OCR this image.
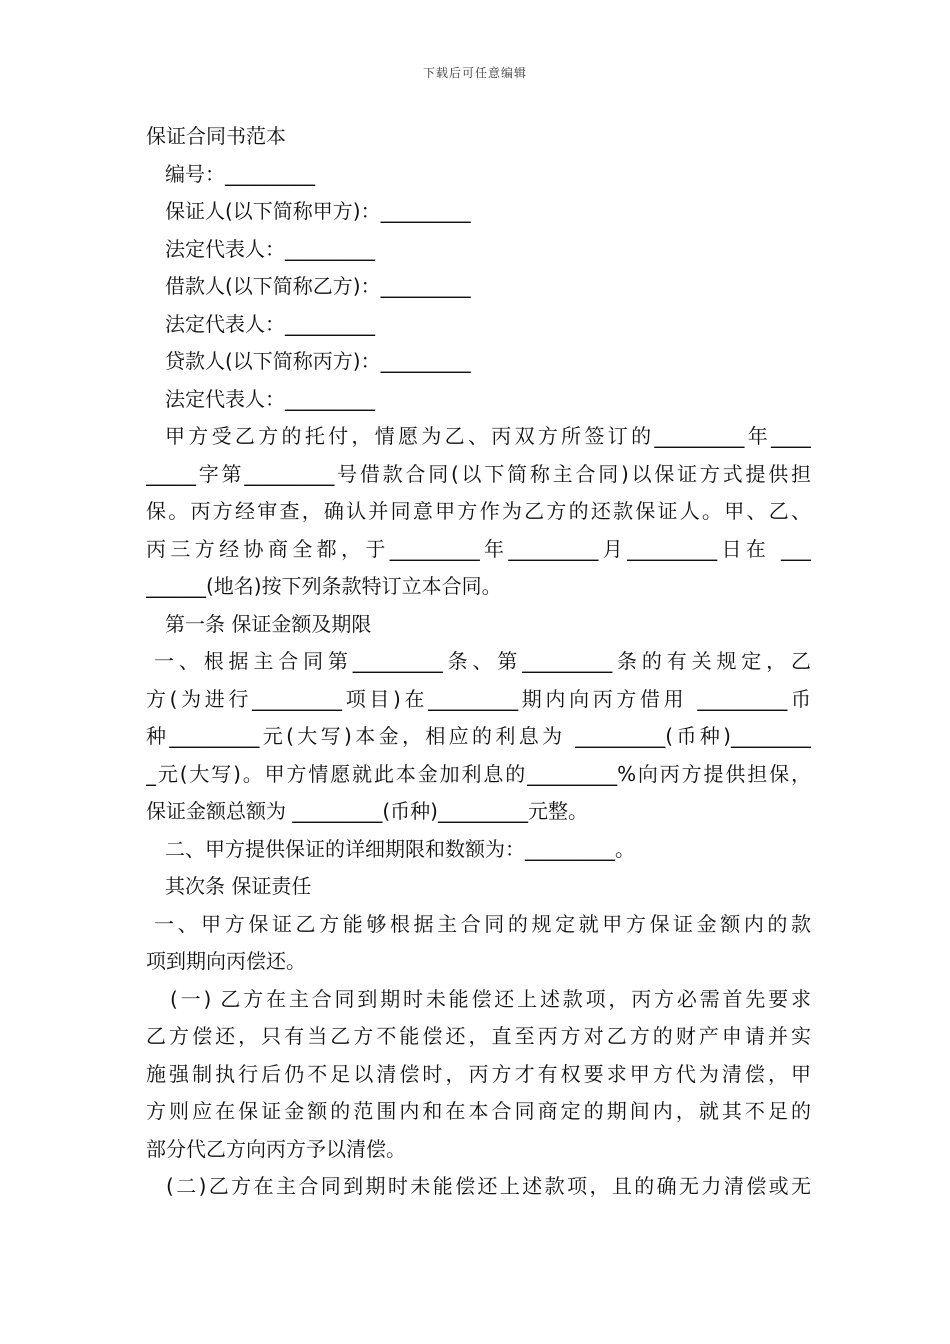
下载后可任意编辑
保证合同书范本
编号：_________
保证人(以下简称甲方)：_________
法定代表人：_________
借款人(以下简称乙方)：_________
法定代表人：_________
贷款人(以下简称丙方)：_________
法定代表人：_________
甲方受乙方的托付，情愿为乙、丙双方所签订的_________年____
_____字第_________号借款合同(以下简称主合同)以保证方式提供担
保。丙方经审查，确认并同意甲方作为乙方的还款保证人。甲、乙、
丙三方经协商全都，于_________年_________月_________日在 ___
______(地名)按下列条款特订立本合同。
第一条 保证金额及期限
一、根据主合同第_________条、第_________条的有关规定，乙
方(为进行_________项目)在_________期内向丙方借用 _________币
种_________元(大写)本金，相应的利息为 _________(币种)________
_元(大写)。甲方情愿就此本金加利息的_________%向丙方提供担保，
保证金额总额为 _________(币种)_________元整。
二、甲方提供保证的详细期限和数额为：_________。
其次条 保证责任
一、甲方保证乙方能够根据主合同的规定就甲方保证金额内的款
项到期向丙偿还。
(一) 乙方在主合同到期时未能偿还上述款项，丙方必需首先要求
乙方偿还，只有当乙方不能偿还，直至丙方对乙方的财产申请并实
施强制执行后仍不足以清偿时，丙方才有权要求甲方代为清偿，甲
方则应在保证金额的范围内和在本合同商定的期间内，就其不足的
部分代乙方向丙方予以清偿。
(二)乙方在主合同到期时未能偿还上述款项，且的确无力清偿或无
